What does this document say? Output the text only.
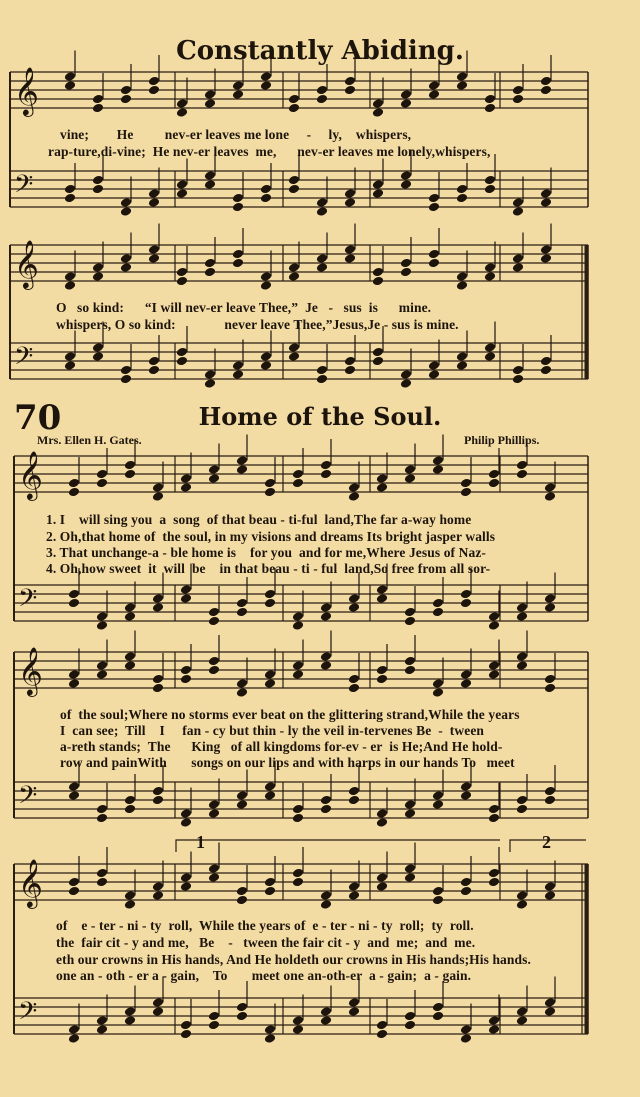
Constantly Abiding.
𝄞
𝄢
𝄞
𝄢
𝄞
𝄢
𝄞
𝄢
𝄞
𝄢
vine;        He         nev-er leaves me lone     -     ly,    whispers,
rap-ture,di-vine;  He nev-er leaves  me,      nev-er leaves me lonely,whispers,
O   so kind:      “I will nev-er leave Thee,”  Je   -   sus  is      mine.
whispers, O so kind:              never leave Thee,”Jesus,Je - sus is mine.
70	Home of the Soul.
Mrs. Ellen H. Gates.	Philip Phillips.
1. I    will sing you  a  song  of that beau - ti-ful  land,The far a-way home
2. Oh,that home of  the soul, in my visions and dreams Its bright jasper walls
3. That unchange-a - ble home is    for you  and for me,Where Jesus of Naz-
4. Oh,how sweet  it  will  be    in that beau - ti - ful  land,So free from all sor-
of  the soul;Where no storms ever beat on the glittering strand,While the years
I  can see;  Till    I     fan - cy but thin - ly the veil in-tervenes Be  -  tween
a-reth stands;  The      King   of all kingdoms for-ev - er  is He;And He hold-
row and painWith       songs on our lips and with harps in our hands To   meet
1	2
of    e - ter - ni - ty  roll,  While the years of  e - ter - ni - ty  roll;  ty  roll.
the  fair cit - y and me,   Be    -   tween the fair cit - y  and  me;  and  me.
eth our crowns in His hands, And He holdeth our crowns in His hands;His hands.
one an - oth - er a - gain,    To       meet one an-oth-er  a - gain;  a - gain.
